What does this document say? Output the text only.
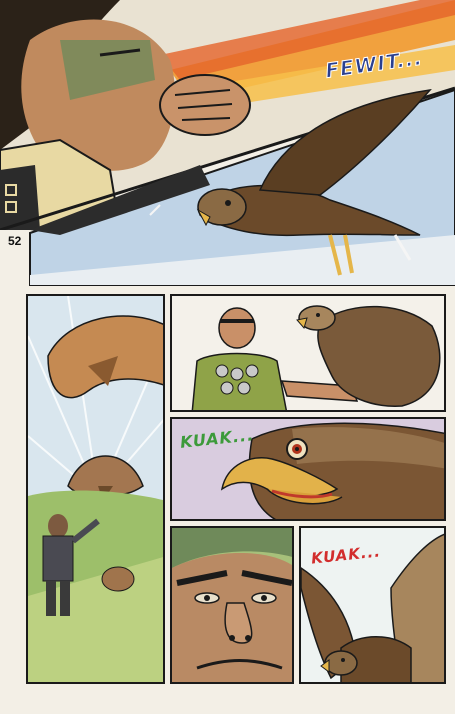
FEWIT...
52
KUAK...
KUAK...
